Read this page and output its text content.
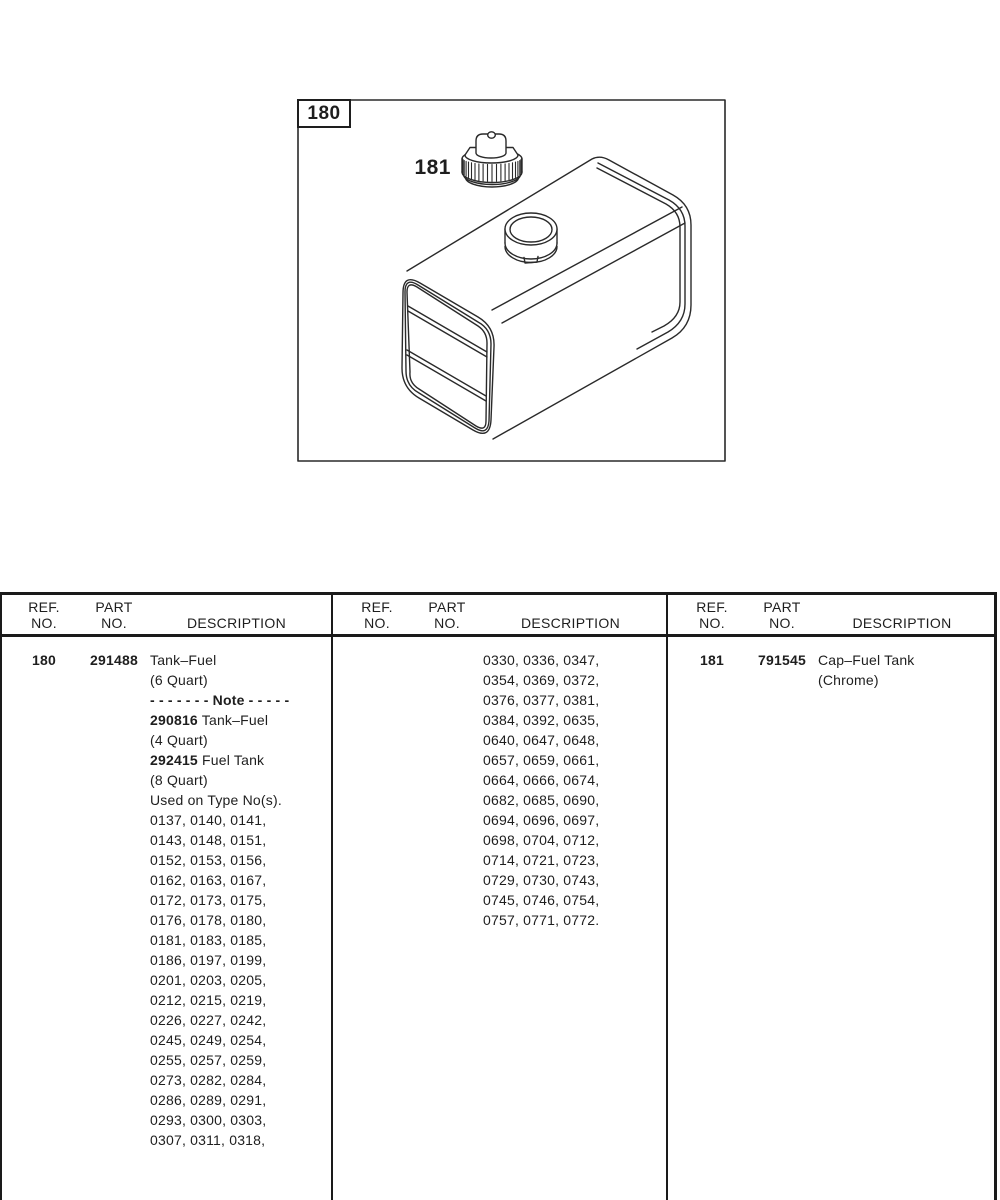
180
181
REF.
NO.
PART
NO.	DESCRIPTION
180	291488 Tank–Fuel
(6 Quart)
- - - - - - - Note - - - - -
290816 Tank–Fuel
(4 Quart)
292415 Fuel Tank
(8 Quart)
Used on Type No(s).
0137, 0140, 0141,
0143, 0148, 0151,
0152, 0153, 0156,
0162, 0163, 0167,
0172, 0173, 0175,
0176, 0178, 0180,
0181, 0183, 0185,
0186, 0197, 0199,
0201, 0203, 0205,
0212, 0215, 0219,
0226, 0227, 0242,
0245, 0249, 0254,
0255, 0257, 0259,
0273, 0282, 0284,
0286, 0289, 0291,
0293, 0300, 0303,
0307, 0311, 0318,
REF.
NO.
PART
NO.	DESCRIPTION
0330, 0336, 0347,
0354, 0369, 0372,
0376, 0377, 0381,
0384, 0392, 0635,
0640, 0647, 0648,
0657, 0659, 0661,
0664, 0666, 0674,
0682, 0685, 0690,
0694, 0696, 0697,
0698, 0704, 0712,
0714, 0721, 0723,
0729, 0730, 0743,
0745, 0746, 0754,
0757, 0771, 0772.
REF.
NO.
PART
NO.	DESCRIPTION
181	791545 Cap–Fuel Tank
(Chrome)
